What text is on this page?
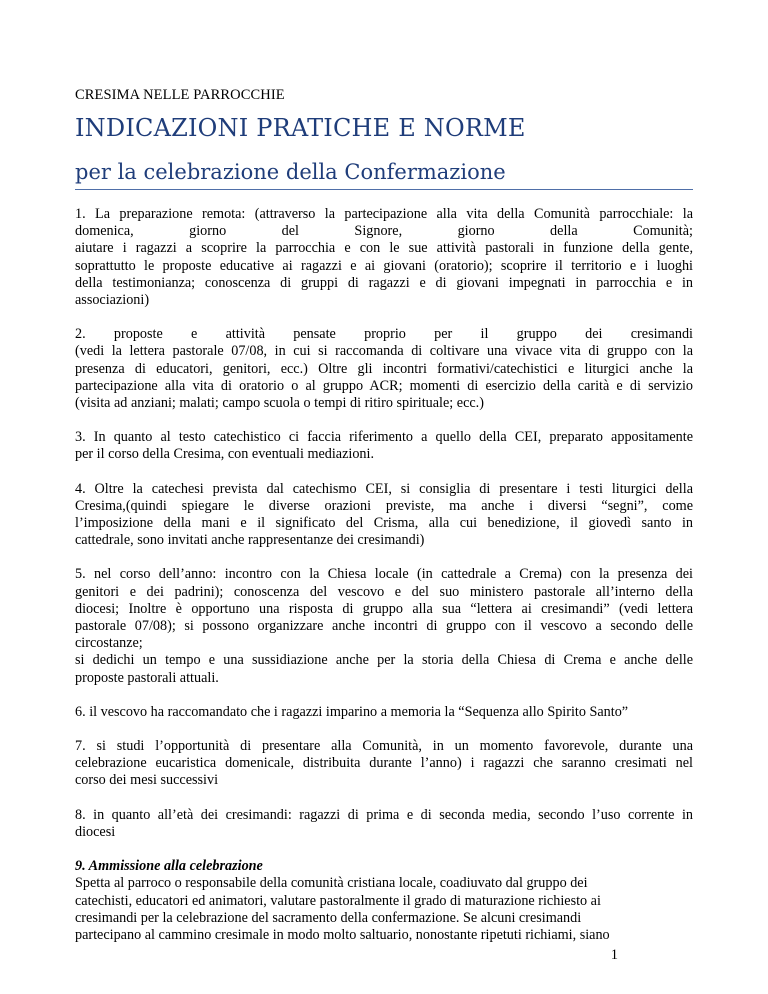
CRESIMA NELLE PARROCCHIE
INDICAZIONI PRATICHE E NORME
per la celebrazione della Confermazione
1. La preparazione remota: (attraverso la partecipazione alla vita della Comunità parrocchiale: la
domenica, giorno del Signore, giorno della Comunità;
aiutare i ragazzi a scoprire la parrocchia e con le sue attività pastorali in funzione della gente,
soprattutto le proposte educative ai ragazzi e ai giovani (oratorio); scoprire il territorio e i luoghi
della testimonianza; conoscenza di gruppi di ragazzi e di giovani impegnati in parrocchia e in
associazioni)
2. proposte e attività pensate proprio per il gruppo dei cresimandi
(vedi la lettera pastorale 07/08, in cui si raccomanda di coltivare una vivace vita di gruppo con la
presenza di educatori, genitori, ecc.) Oltre gli incontri formativi/catechistici e liturgici anche la
partecipazione alla vita di oratorio o al gruppo ACR; momenti di esercizio della carità e di servizio
(visita ad anziani; malati; campo scuola o tempi di ritiro spirituale; ecc.)
3. In quanto al testo catechistico ci faccia riferimento a quello della CEI, preparato appositamente
per il corso della Cresima, con eventuali mediazioni.
4. Oltre la catechesi prevista dal catechismo CEI, si consiglia di presentare i testi liturgici della
Cresima,(quindi spiegare le diverse orazioni previste, ma anche i diversi “segni”, come
l’imposizione della mani e il significato del Crisma, alla cui benedizione, il giovedì santo in
cattedrale, sono invitati anche rappresentanze dei cresimandi)
5. nel corso dell’anno: incontro con la Chiesa locale (in cattedrale a Crema) con la presenza dei
genitori e dei padrini); conoscenza del vescovo e del suo ministero pastorale all’interno della
diocesi; Inoltre è opportuno una risposta di gruppo alla sua “lettera ai cresimandi” (vedi lettera
pastorale 07/08); si possono organizzare anche incontri di gruppo con il vescovo a secondo delle
circostanze;
si dedichi un tempo e una sussidiazione anche per la storia della Chiesa di Crema e anche delle
proposte pastorali attuali.
6. il vescovo ha raccomandato che i ragazzi imparino a memoria la “Sequenza allo Spirito Santo”
7. si studi l’opportunità di presentare alla Comunità, in un momento favorevole, durante una
celebrazione eucaristica domenicale, distribuita durante l’anno) i ragazzi che saranno cresimati nel
corso dei mesi successivi
8. in quanto all’età dei cresimandi: ragazzi di prima e di seconda media, secondo l’uso corrente in
diocesi
9. Ammissione alla celebrazione
Spetta al parroco o responsabile della comunità cristiana locale, coadiuvato dal gruppo dei
catechisti, educatori ed animatori, valutare pastoralmente il grado di maturazione richiesto ai
cresimandi per la celebrazione del sacramento della confermazione. Se alcuni cresimandi
partecipano al cammino cresimale in modo molto saltuario, nonostante ripetuti richiami, siano
1
